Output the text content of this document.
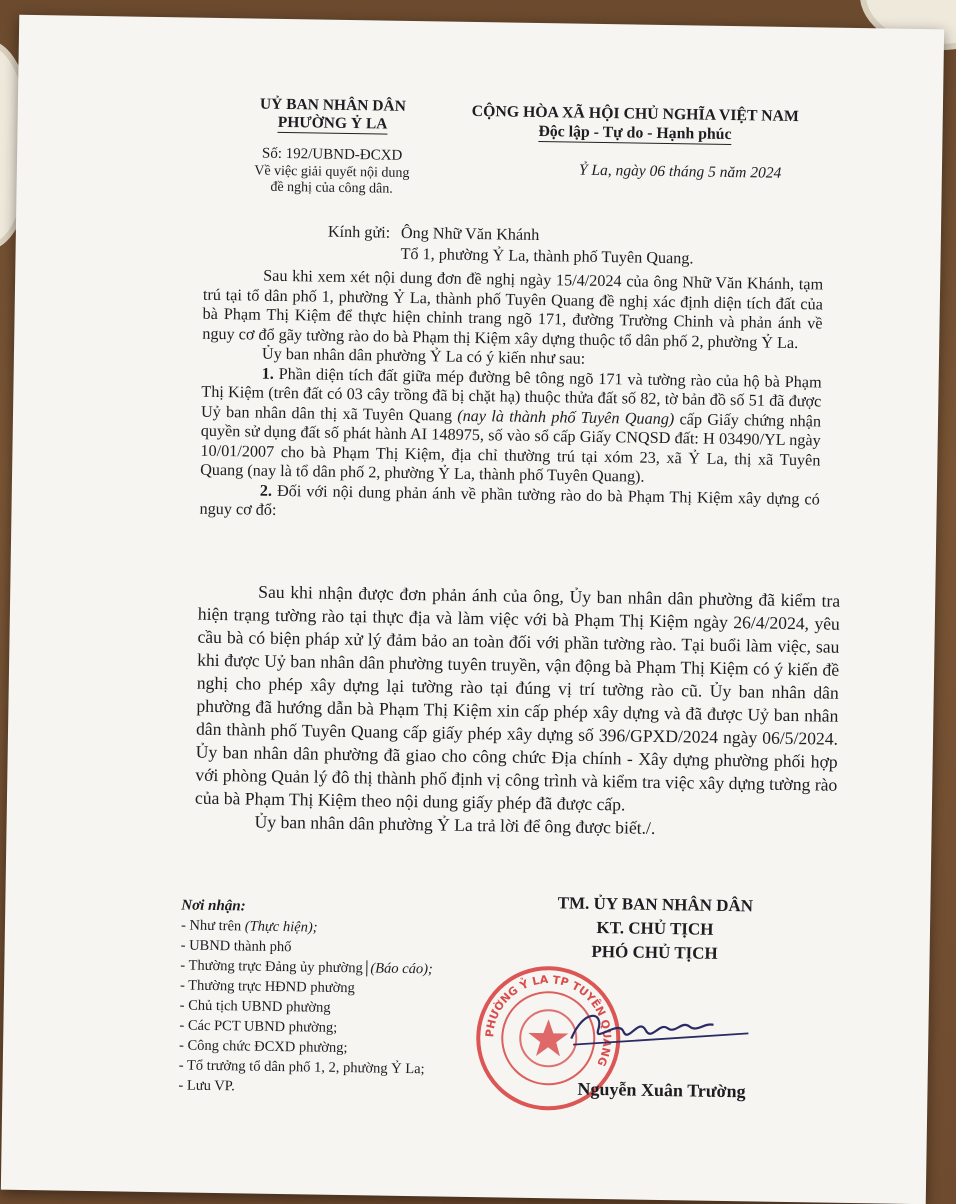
UỶ BAN NHÂN DÂN
PHƯỜNG Ỷ LA	CỘNG HÒA XÃ HỘI CHỦ NGHĨA VIỆT NAM
Độc lập - Tự do - Hạnh phúc
Số: 192/UBND-ĐCXD
Về việc giải quyết nội dung
đề nghị của công dân.
Ỷ La, ngày 06 tháng 5 năm 2024
Kính gửi: Ông Nhữ Văn Khánh
Tổ 1, phường Ỷ La, thành phố Tuyên Quang.

Sau khi xem xét nội dung đơn đề nghị ngày 15/4/2024 của ông Nhữ Văn Khánh, tạm trú tại tổ dân phố 1, phường Ỷ La, thành phố Tuyên Quang đề nghị xác định diện tích đất của bà Phạm Thị Kiệm để thực hiện chỉnh trang ngõ 171, đường Trường Chinh và phản ánh về nguy cơ đổ gãy tường rào do bà Phạm thị Kiệm xây dựng thuộc tổ dân phố 2, phường Ỷ La.

Ủy ban nhân dân phường Ỷ La có ý kiến như sau:

1. Phần diện tích đất giữa mép đường bê tông ngõ 171 và tường rào của hộ bà Phạm Thị Kiệm (trên đất có 03 cây trồng đã bị chặt hạ) thuộc thửa đất số 82, tờ bản đồ số 51 đã được Uỷ ban nhân dân thị xã Tuyên Quang (nay là thành phố Tuyên Quang) cấp Giấy chứng nhận quyền sử dụng đất số phát hành AI 148975, số vào sổ cấp Giấy CNQSD đất: H 03490/YL ngày 10/01/2007 cho bà Phạm Thị Kiệm, địa chỉ thường trú tại xóm 23, xã Ỷ La, thị xã Tuyên Quang (nay là tổ dân phố 2, phường Ỷ La, thành phố Tuyên Quang).

2. Đối với nội dung phản ánh về phần tường rào do bà Phạm Thị Kiệm xây dựng có nguy cơ đổ:

Sau khi nhận được đơn phản ánh của ông, Ủy ban nhân dân phường đã kiểm tra hiện trạng tường rào tại thực địa và làm việc với bà Phạm Thị Kiệm ngày 26/4/2024, yêu cầu bà có biện pháp xử lý đảm bảo an toàn đối với phần tường rào. Tại buổi làm việc, sau khi được Uỷ ban nhân dân phường tuyên truyền, vận động bà Phạm Thị Kiệm có ý kiến đề nghị cho phép xây dựng lại tường rào tại đúng vị trí tường rào cũ. Ủy ban nhân dân phường đã hướng dẫn bà Phạm Thị Kiệm xin cấp phép xây dựng và đã được Uỷ ban nhân dân thành phố Tuyên Quang cấp giấy phép xây dựng số 396/GPXD/2024 ngày 06/5/2024. Ủy ban nhân dân phường đã giao cho công chức Địa chính - Xây dựng phường phối hợp với phòng Quản lý đô thị thành phố định vị công trình và kiểm tra việc xây dựng tường rào của bà Phạm Thị Kiệm theo nội dung giấy phép đã được cấp.

Ủy ban nhân dân phường Ỷ La trả lời để ông được biết./.

Nơi nhận:
- Như trên (Thực hiện);
- UBND thành phố
- Thường trực Đảng ủy phường (Báo cáo);
- Thường trực HĐND phường
- Chủ tịch UBND phường
- Các PCT UBND phường;
- Công chức ĐCXD phường;
- Tổ trưởng tổ dân phố 1, 2, phường Ỷ La;
- Lưu VP.
TM. ỦY BAN NHÂN DÂN
KT. CHỦ TỊCH
PHÓ CHỦ TỊCH
PHƯỜNG Ỷ LA TP TUYÊN QUANG
Nguyễn Xuân Trường
